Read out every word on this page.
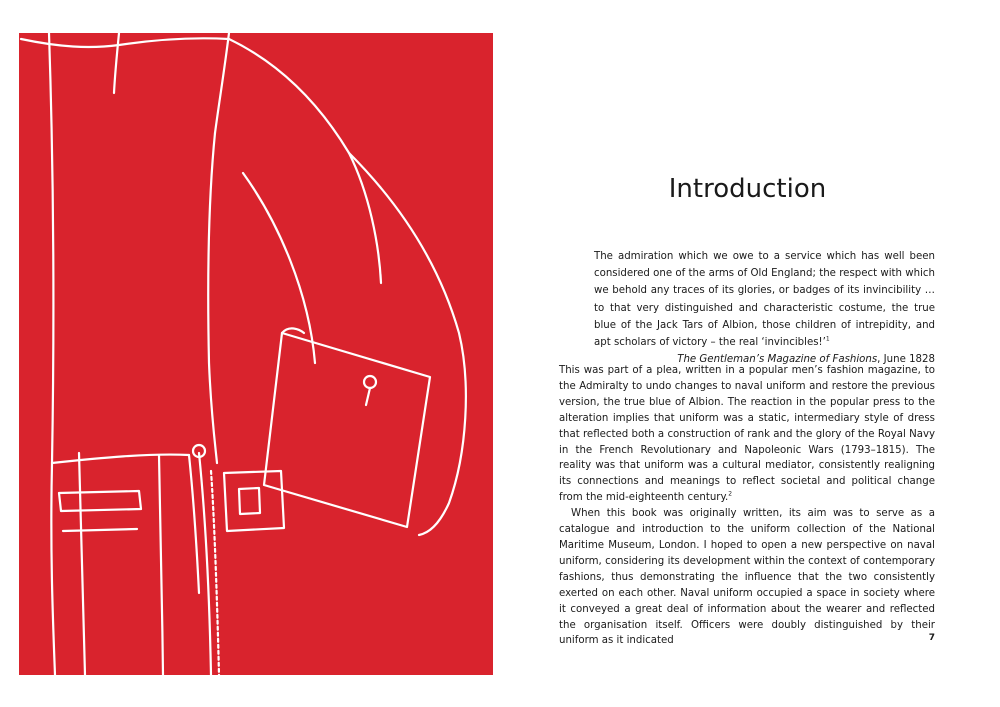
Introduction

The admiration which we owe to a service which has well been considered one of the arms of Old England; the respect with which we behold any traces of its glories, or badges of its invincibility … to that very distinguished and characteristic costume, the true blue of the Jack Tars of Albion, those children of intrepidity, and apt scholars of victory – the real ‘invincibles!’$^1$

The Gentleman’s Magazine of Fashions, June 1828

This was part of a plea, written in a popular men’s fashion magazine, to the Admiralty to undo changes to naval uniform and restore the previous version, the true blue of Albion. The reaction in the popular press to the alteration implies that uniform was a static, intermediary style of dress that reflected both a construction of rank and the glory of the Royal Navy in the French Revolutionary and Napoleonic Wars (1793–1815). The reality was that uniform was a cultural mediator, consistently realigning its connections and meanings to reflect societal and political change from the mid-eighteenth century.$^2$

When this book was originally written, its aim was to serve as a catalogue and introduction to the uniform collection of the National Maritime Museum, London. I hoped to open a new perspective on naval uniform, considering its development within the context of contemporary fashions, thus demonstrating the influence that the two consistently exerted on each other. Naval uniform occupied a space in society where it conveyed a great deal of information about the wearer and reflected the organisation itself. Officers were doubly distinguished by their uniform as it indicated	7
